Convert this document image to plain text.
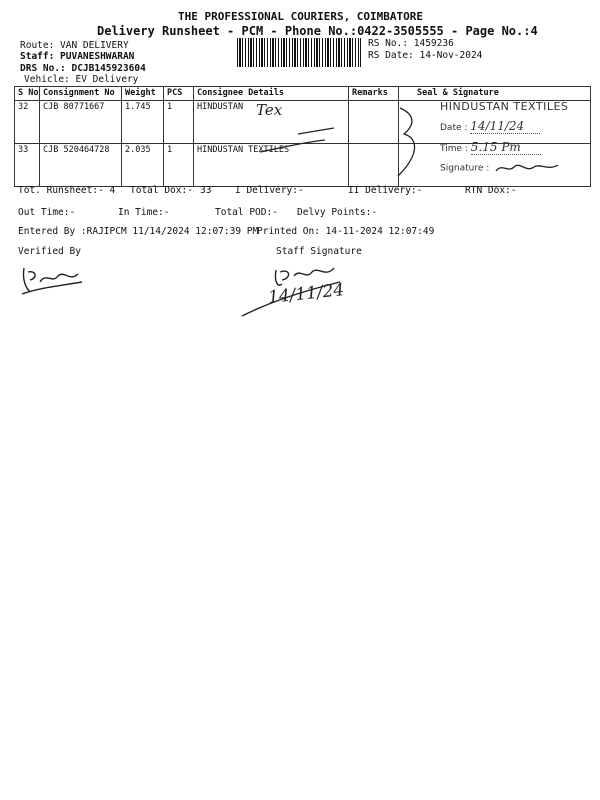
THE PROFESSIONAL COURIERS, COIMBATORE
Delivery Runsheet - PCM - Phone No.:0422-3505555 - Page No.:4
Route: VAN DELIVERY
Staff: PUVANESHWARAN
DRS No.: DCJB145923604
Vehicle: EV Delivery
RS No.: 1459236
RS Date: 14-Nov-2024
S No	Consignment No	Weight	PCS	Consignee Details	Remarks	Seal & Signature
32	CJB 80771667	1.745	1	HINDUSTAN Tex		

33	CJB 520464728	2.035	1	HINDUSTAN TEXTILES		
HINDUSTAN TEXTILES
Date : 14/11/24
Time : 5.15 Pm
Signature :
Tot. Runsheet:- 4 Total Dox:- 33 I Delivery:-	II Delivery:-	RTN Dox:-
Out Time:-	In Time:-	Total POD:- Delvy Points:-
Entered By :RAJIPCM 11/14/2024 12:07:39 PM
Printed On: 14-11-2024 12:07:49
Verified By	Staff Signature
14/11/24
